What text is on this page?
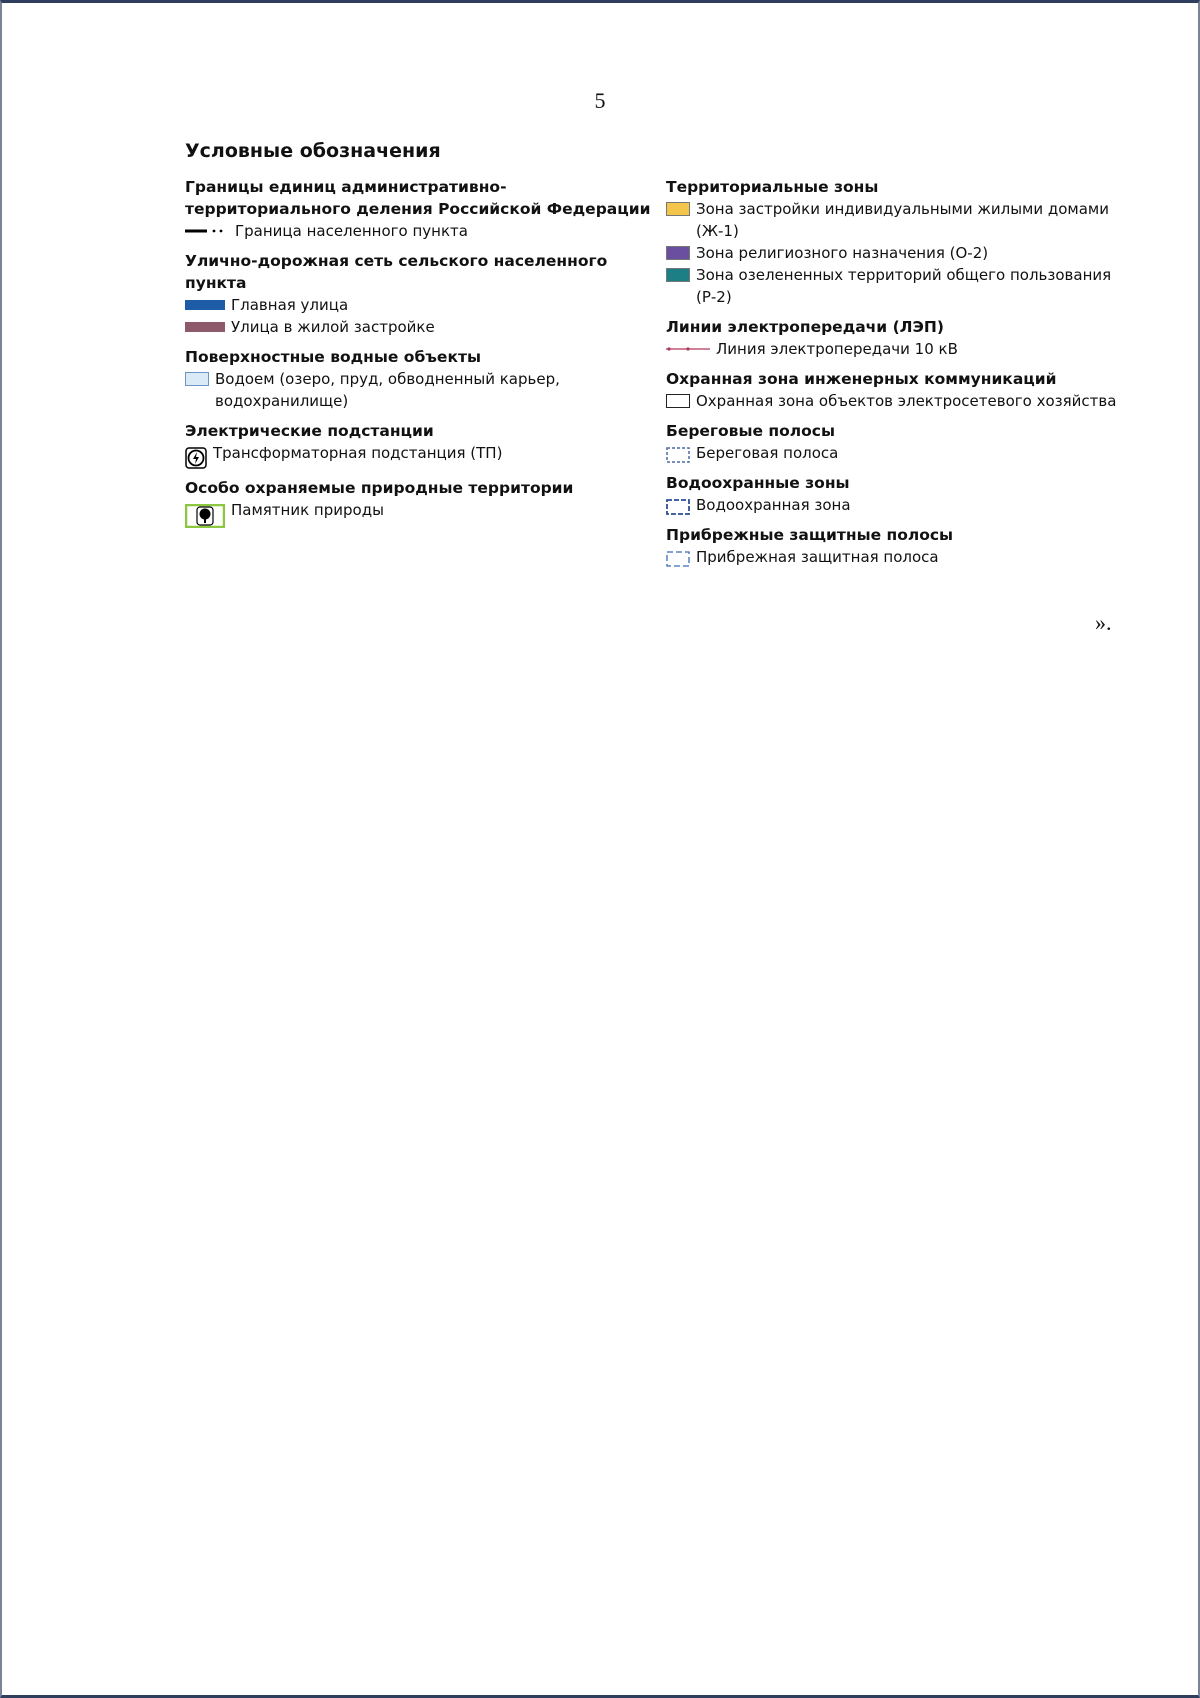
5
Условные обозначения
Границы единиц административно-территориального деления Российской Федерации
Граница населенного пункта
Улично-дорожная сеть сельского населенного пункта
Главная улица
Улица в жилой застройке
Поверхностные водные объекты
Водоем (озеро, пруд, обводненный карьер, водохранилище)
Электрические подстанции
Трансформаторная подстанция (ТП)
Особо охраняемые природные территории
Памятник природы
Территориальные зоны
Зона застройки индивидуальными жилыми домами (Ж-1)
Зона религиозного назначения (О-2)
Зона озелененных территорий общего пользования (Р-2)
Линии электропередачи (ЛЭП)
Линия электропередачи 10 кВ
Охранная зона инженерных коммуникаций
Охранная зона объектов электросетевого хозяйства
Береговые полосы
Береговая полоса
Водоохранные зоны
Водоохранная зона
Прибрежные защитные полосы
Прибрежная защитная полоса
».
